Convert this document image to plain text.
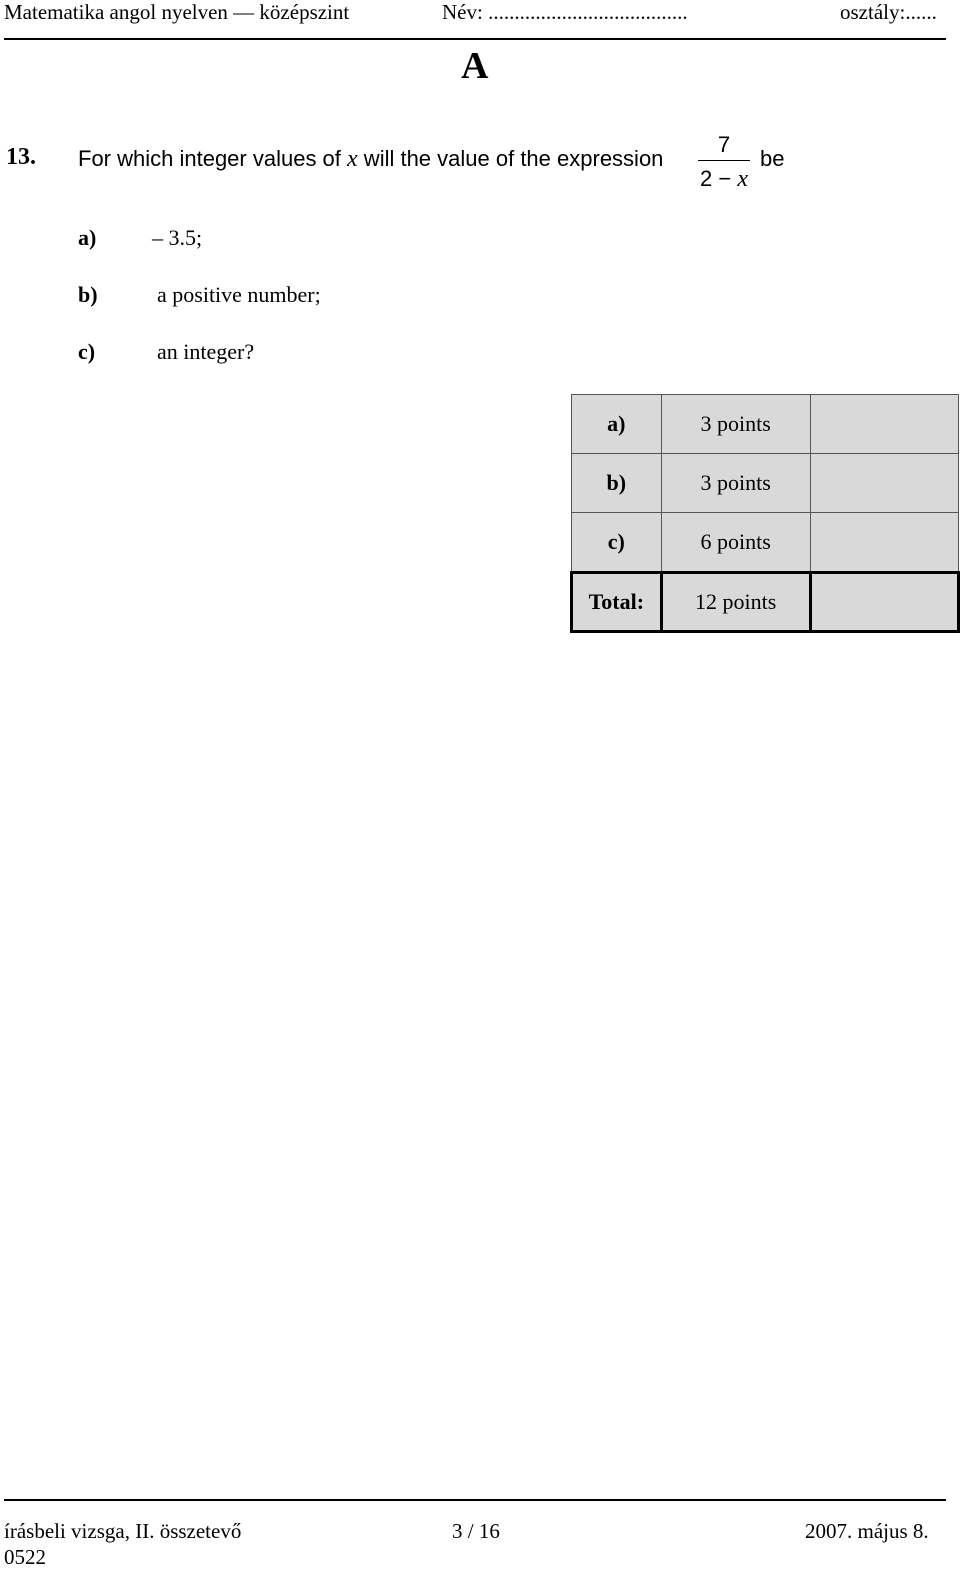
Matematika angol nyelven — középszint	Név: ......................................	osztály:......
A
13. For which integer values of x will the value of the expression
7
2 − x
be
a)	– 3.5;
b)	a positive number;
c)	an integer?
a)	3 points	
b)	3 points	
c)	6 points	
Total:	12 points	
írásbeli vizsga, II. összetevő
0522
3 / 16	2007. május 8.
